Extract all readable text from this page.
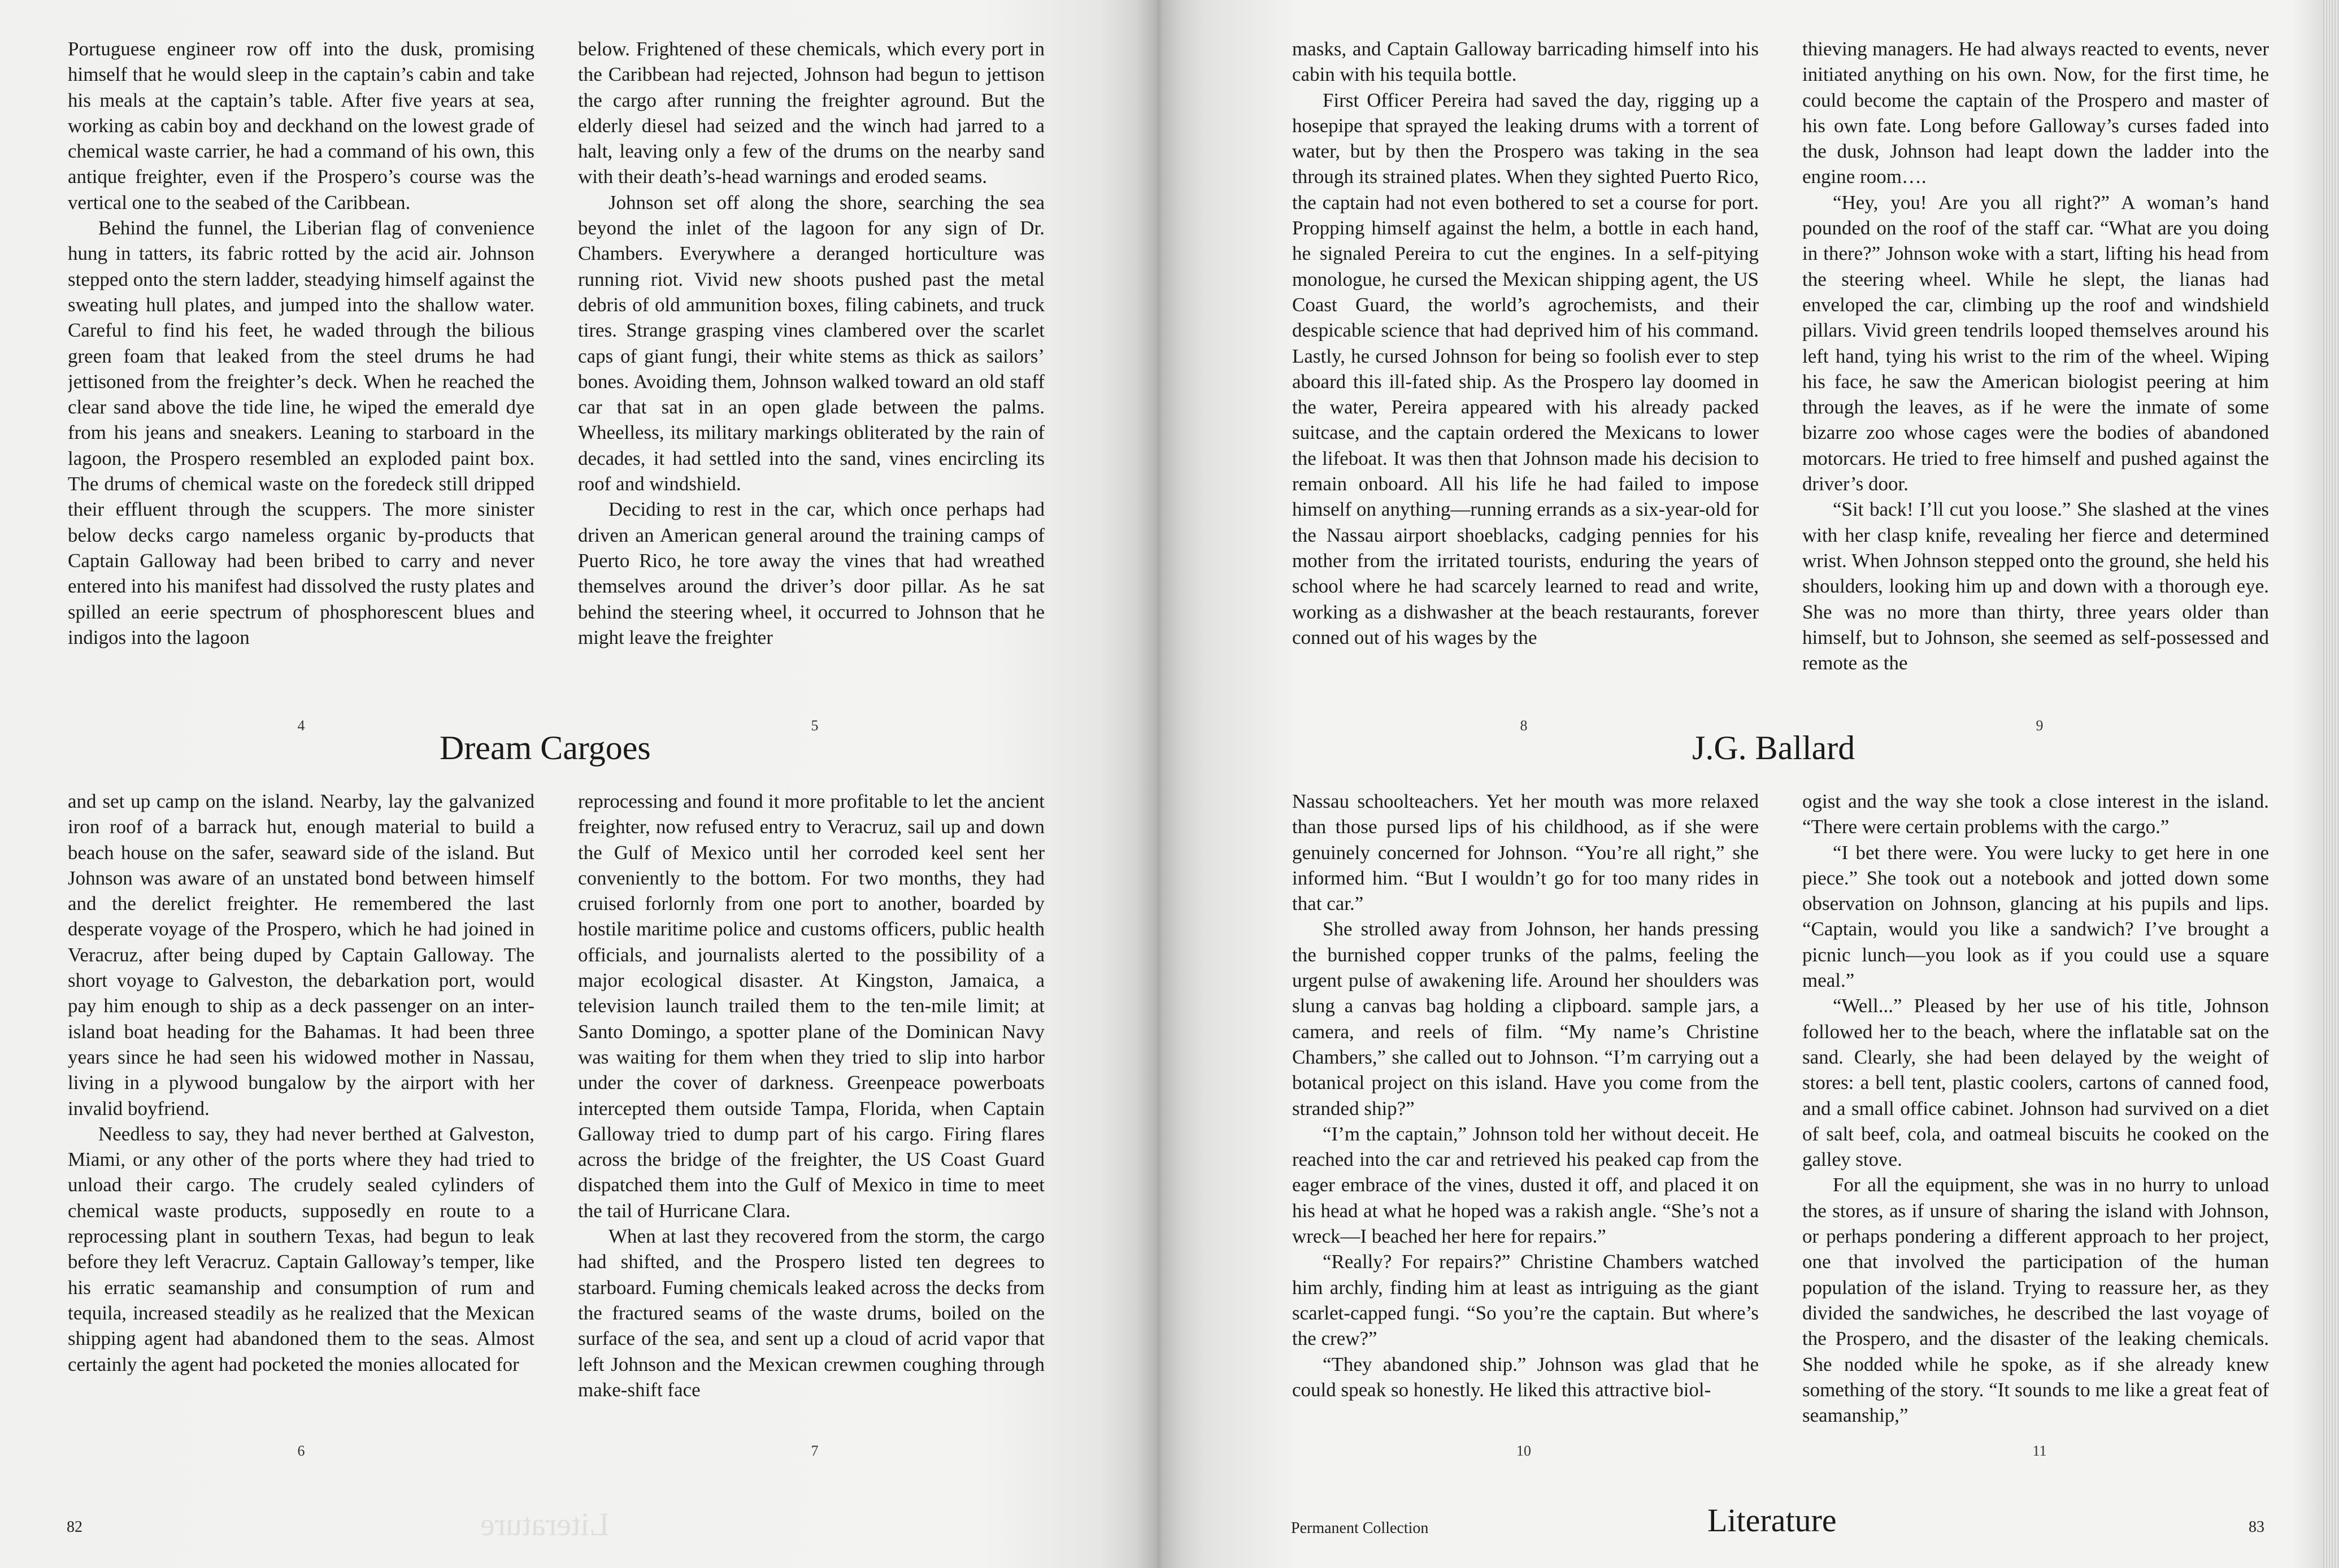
Literature
Portuguese engineer row off into the dusk, promising himself that he would sleep in the captain’s cabin and take his meals at the captain’s table. After five years at sea, working as cabin boy and deckhand on the lowest grade of chemical waste carrier, he had a command of his own, this antique freighter, even if the Prospero’s course was the vertical one to the seabed of the Caribbean.
Behind the funnel, the Liberian flag of convenience hung in tatters, its fabric rotted by the acid air. Johnson stepped onto the stern ladder, steadying himself against the sweating hull plates, and jumped into the shallow water. Careful to find his feet, he waded through the bilious green foam that leaked from the steel drums he had jettisoned from the freighter’s deck. When he reached the clear sand above the tide line, he wiped the emerald dye from his jeans and sneakers. Leaning to starboard in the lagoon, the Prospero resembled an exploded paint box. The drums of chemical waste on the foredeck still dripped their effluent through the scuppers. The more sinister below decks cargo nameless organic by-products that Captain Galloway had been bribed to carry and never entered into his manifest had dissolved the rusty plates and spilled an eerie spectrum of phosphorescent blues and indigos into the lagoon
below. Frightened of these chemicals, which every port in the Caribbean had rejected, Johnson had begun to jettison the cargo after running the freighter aground. But the elderly diesel had seized and the winch had jarred to a halt, leaving only a few of the drums on the nearby sand with their death’s-head warnings and eroded seams.
Johnson set off along the shore, searching the sea beyond the inlet of the lagoon for any sign of Dr. Chambers. Everywhere a deranged horticulture was running riot. Vivid new shoots pushed past the metal debris of old ammunition boxes, filing cabinets, and truck tires. Strange grasping vines clambered over the scarlet caps of giant fungi, their white stems as thick as sailors’ bones. Avoiding them, Johnson walked toward an old staff car that sat in an open glade between the palms. Wheelless, its military markings obliterated by the rain of decades, it had settled into the sand, vines encircling its roof and windshield.
Deciding to rest in the car, which once perhaps had driven an American general around the training camps of Puerto Rico, he tore away the vines that had wreathed themselves around the driver’s door pillar. As he sat behind the steering wheel, it occurred to Johnson that he might leave the freighter
4	5
Dream Cargoes
and set up camp on the island. Nearby, lay the galvanized iron roof of a barrack hut, enough material to build a beach house on the safer, seaward side of the island. But Johnson was aware of an unstated bond between himself and the derelict freighter. He remembered the last desperate voyage of the Prospero, which he had joined in Veracruz, after being duped by Captain Galloway. The short voyage to Galveston, the debarkation port, would pay him enough to ship as a deck passenger on an inter-island boat heading for the Bahamas. It had been three years since he had seen his widowed mother in Nassau, living in a plywood bungalow by the airport with her invalid boyfriend.
Needless to say, they had never berthed at Galveston, Miami, or any other of the ports where they had tried to unload their cargo. The crudely sealed cylinders of chemical waste products, supposedly en route to a reprocessing plant in southern Texas, had begun to leak before they left Veracruz. Captain Galloway’s temper, like his erratic seamanship and consumption of rum and tequila, increased steadily as he realized that the Mexican shipping agent had abandoned them to the seas. Almost certainly the agent had pocketed the monies allocated for
reprocessing and found it more profitable to let the ancient freighter, now refused entry to Veracruz, sail up and down the Gulf of Mexico until her corroded keel sent her conveniently to the bottom. For two months, they had cruised forlornly from one port to another, boarded by hostile maritime police and customs officers, public health officials, and journalists alerted to the possibility of a major ecological disaster. At Kingston, Jamaica, a television launch trailed them to the ten-mile limit; at Santo Domingo, a spotter plane of the Dominican Navy was waiting for them when they tried to slip into harbor under the cover of darkness. Greenpeace powerboats intercepted them outside Tampa, Florida, when Captain Galloway tried to dump part of his cargo. Firing flares across the bridge of the freighter, the US Coast Guard dispatched them into the Gulf of Mexico in time to meet the tail of Hurricane Clara.
When at last they recovered from the storm, the cargo had shifted, and the Prospero listed ten degrees to starboard. Fuming chemicals leaked across the decks from the fractured seams of the waste drums, boiled on the surface of the sea, and sent up a cloud of acrid vapor that left Johnson and the Mexican crewmen coughing through make-shift face
6	7
82
masks, and Captain Galloway barricading himself into his cabin with his tequila bottle.
First Officer Pereira had saved the day, rigging up a hosepipe that sprayed the leaking drums with a torrent of water, but by then the Prospero was taking in the sea through its strained plates. When they sighted Puerto Rico, the captain had not even bothered to set a course for port. Propping himself against the helm, a bottle in each hand, he signaled Pereira to cut the engines. In a self-pitying monologue, he cursed the Mexican shipping agent, the US Coast Guard, the world’s agrochemists, and their despicable science that had deprived him of his command. Lastly, he cursed Johnson for being so foolish ever to step aboard this ill-fated ship. As the Prospero lay doomed in the water, Pereira appeared with his already packed suitcase, and the captain ordered the Mexicans to lower the lifeboat. It was then that Johnson made his decision to remain onboard. All his life he had failed to impose himself on anything—running errands as a six-year-old for the Nassau airport shoeblacks, cadging pennies for his mother from the irritated tourists, enduring the years of school where he had scarcely learned to read and write, working as a dishwasher at the beach restaurants, forever conned out of his wages by the
thieving managers. He had always reacted to events, never initiated anything on his own. Now, for the first time, he could become the captain of the Prospero and master of his own fate. Long before Galloway’s curses faded into the dusk, Johnson had leapt down the ladder into the engine room….
“Hey, you! Are you all right?” A woman’s hand pounded on the roof of the staff car. “What are you doing in there?” Johnson woke with a start, lifting his head from the steering wheel. While he slept, the lianas had enveloped the car, climbing up the roof and windshield pillars. Vivid green tendrils looped themselves around his left hand, tying his wrist to the rim of the wheel. Wiping his face, he saw the American biologist peering at him through the leaves, as if he were the inmate of some bizarre zoo whose cages were the bodies of abandoned motorcars. He tried to free himself and pushed against the driver’s door.
“Sit back! I’ll cut you loose.” She slashed at the vines with her clasp knife, revealing her fierce and determined wrist. When Johnson stepped onto the ground, she held his shoulders, looking him up and down with a thorough eye. She was no more than thirty, three years older than himself, but to Johnson, she seemed as self-possessed and remote as the
8	9
J.G. Ballard
Nassau schoolteachers. Yet her mouth was more relaxed than those pursed lips of his childhood, as if she were genuinely concerned for Johnson. “You’re all right,” she informed him. “But I wouldn’t go for too many rides in that car.”
She strolled away from Johnson, her hands pressing the burnished copper trunks of the palms, feeling the urgent pulse of awakening life. Around her shoulders was slung a canvas bag holding a clipboard. sample jars, a camera, and reels of film. “My name’s Christine Chambers,” she called out to Johnson. “I’m carrying out a botanical project on this island. Have you come from the stranded ship?”
“I’m the captain,” Johnson told her without deceit. He reached into the car and retrieved his peaked cap from the eager embrace of the vines, dusted it off, and placed it on his head at what he hoped was a rakish angle. “She’s not a wreck—I beached her here for repairs.”
“Really? For repairs?” Christine Chambers watched him archly, finding him at least as intriguing as the giant scarlet-capped fungi. “So you’re the captain. But where’s the crew?”
“They abandoned ship.” Johnson was glad that he could speak so honestly. He liked this attractive biol-
ogist and the way she took a close interest in the island. “There were certain problems with the cargo.”
“I bet there were. You were lucky to get here in one piece.” She took out a notebook and jotted down some observation on Johnson, glancing at his pupils and lips. “Captain, would you like a sandwich? I’ve brought a picnic lunch—you look as if you could use a square meal.”
“Well...” Pleased by her use of his title, Johnson followed her to the beach, where the inflatable sat on the sand. Clearly, she had been delayed by the weight of stores: a bell tent, plastic coolers, cartons of canned food, and a small office cabinet. Johnson had survived on a diet of salt beef, cola, and oatmeal biscuits he cooked on the galley stove.
For all the equipment, she was in no hurry to unload the stores, as if unsure of sharing the island with Johnson, or perhaps pondering a different approach to her project, one that involved the participation of the human population of the island. Trying to reassure her, as they divided the sandwiches, he described the last voyage of the Prospero, and the disaster of the leaking chemicals. She nodded while he spoke, as if she already knew something of the story. “It sounds to me like a great feat of seamanship,”
10	11
Permanent Collection	Literature	83
